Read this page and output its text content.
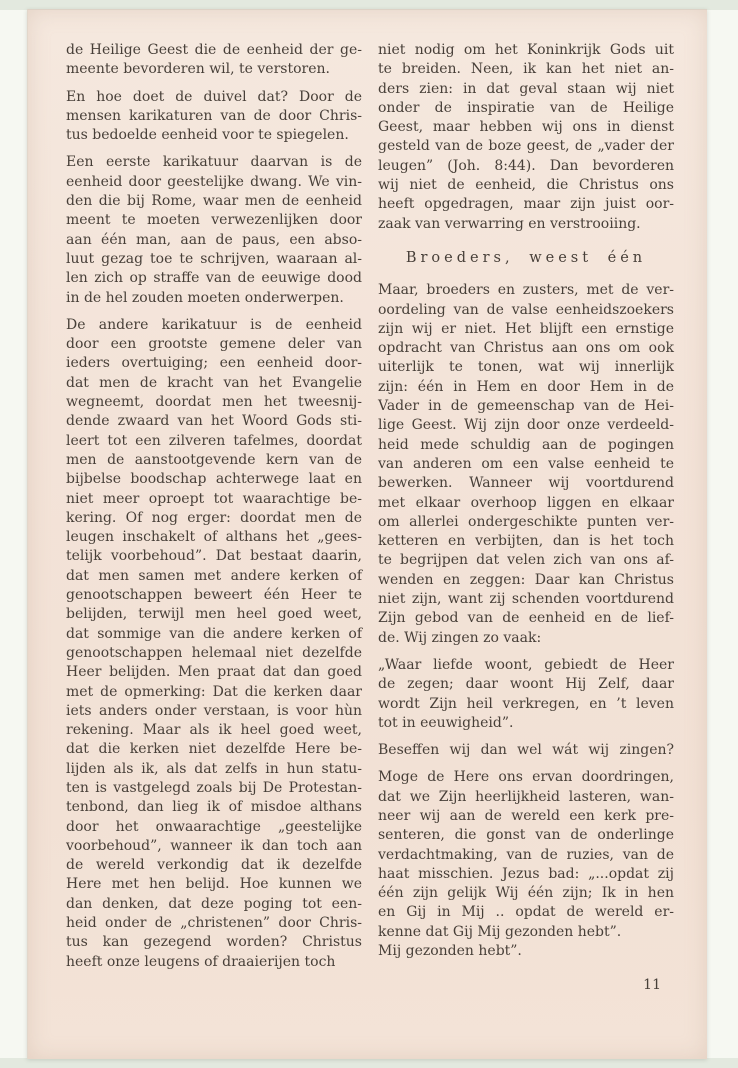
de Heilige Geest die de eenheid der ge-
meente bevorderen wil, te verstoren.
En hoe doet de duivel dat? Door de
mensen karikaturen van de door Chris-
tus bedoelde eenheid voor te spiegelen.
Een eerste karikatuur daarvan is de
eenheid door geestelijke dwang. We vin-
den die bij Rome, waar men de eenheid
meent te moeten verwezenlijken door
aan één man, aan de paus, een abso-
luut gezag toe te schrijven, waaraan al-
len zich op straffe van de eeuwige dood
in de hel zouden moeten onderwerpen.
De andere karikatuur is de eenheid
door een grootste gemene deler van
ieders overtuiging; een eenheid door-
dat men de kracht van het Evangelie
wegneemt, doordat men het tweesnij-
dende zwaard van het Woord Gods sti-
leert tot een zilveren tafelmes, doordat
men de aanstootgevende kern van de
bijbelse boodschap achterwege laat en
niet meer oproept tot waarachtige be-
kering. Of nog erger: doordat men de
leugen inschakelt of althans het „gees-
telijk voorbehoud”. Dat bestaat daarin,
dat men samen met andere kerken of
genootschappen beweert één Heer te
belijden, terwijl men heel goed weet,
dat sommige van die andere kerken of
genootschappen helemaal niet dezelfde
Heer belijden. Men praat dat dan goed
met de opmerking: Dat die kerken daar
iets anders onder verstaan, is voor hùn
rekening. Maar als ik heel goed weet,
dat die kerken niet dezelfde Here be-
lijden als ik, als dat zelfs in hun statu-
ten is vastgelegd zoals bij De Protestan-
tenbond, dan lieg ik of misdoe althans
door het onwaarachtige „geestelijke
voorbehoud”, wanneer ik dan toch aan
de wereld verkondig dat ik dezelfde
Here met hen belijd. Hoe kunnen we
dan denken, dat deze poging tot een-
heid onder de „christenen” door Chris-
tus kan gezegend worden? Christus
heeft onze leugens of draaierijen toch
niet nodig om het Koninkrijk Gods uit
te breiden. Neen, ik kan het niet an-
ders zien: in dat geval staan wij niet
onder de inspiratie van de Heilige
Geest, maar hebben wij ons in dienst
gesteld van de boze geest, de „vader der
leugen” (Joh. 8:44). Dan bevorderen
wij niet de eenheid, die Christus ons
heeft opgedragen, maar zijn juist oor-
zaak van verwarring en verstrooiing.
Broeders, weest één
Maar, broeders en zusters, met de ver-
oordeling van de valse eenheidszoekers
zijn wij er niet. Het blijft een ernstige
opdracht van Christus aan ons om ook
uiterlijk te tonen, wat wij innerlijk
zijn: één in Hem en door Hem in de
Vader in de gemeenschap van de Hei-
lige Geest. Wij zijn door onze verdeeld-
heid mede schuldig aan de pogingen
van anderen om een valse eenheid te
bewerken. Wanneer wij voortdurend
met elkaar overhoop liggen en elkaar
om allerlei ondergeschikte punten ver-
ketteren en verbijten, dan is het toch
te begrijpen dat velen zich van ons af-
wenden en zeggen: Daar kan Christus
niet zijn, want zij schenden voortdurend
Zijn gebod van de eenheid en de lief-
de. Wij zingen zo vaak:
„Waar liefde woont, gebiedt de Heer
de zegen; daar woont Hij Zelf, daar
wordt Zijn heil verkregen, en ’t leven
tot in eeuwigheid”.
Beseffen wij dan wel wát wij zingen?
Moge de Here ons ervan doordringen,
dat we Zijn heerlijkheid lasteren, wan-
neer wij aan de wereld een kerk pre-
senteren, die gonst van de onderlinge
verdachtmaking, van de ruzies, van de
haat misschien. Jezus bad: „...opdat zij
één zijn gelijk Wij één zijn; Ik in hen
en Gij in Mij .. opdat de wereld er-
kenne dat Gij Mij gezonden hebt”.
Mij gezonden hebt”.
11
